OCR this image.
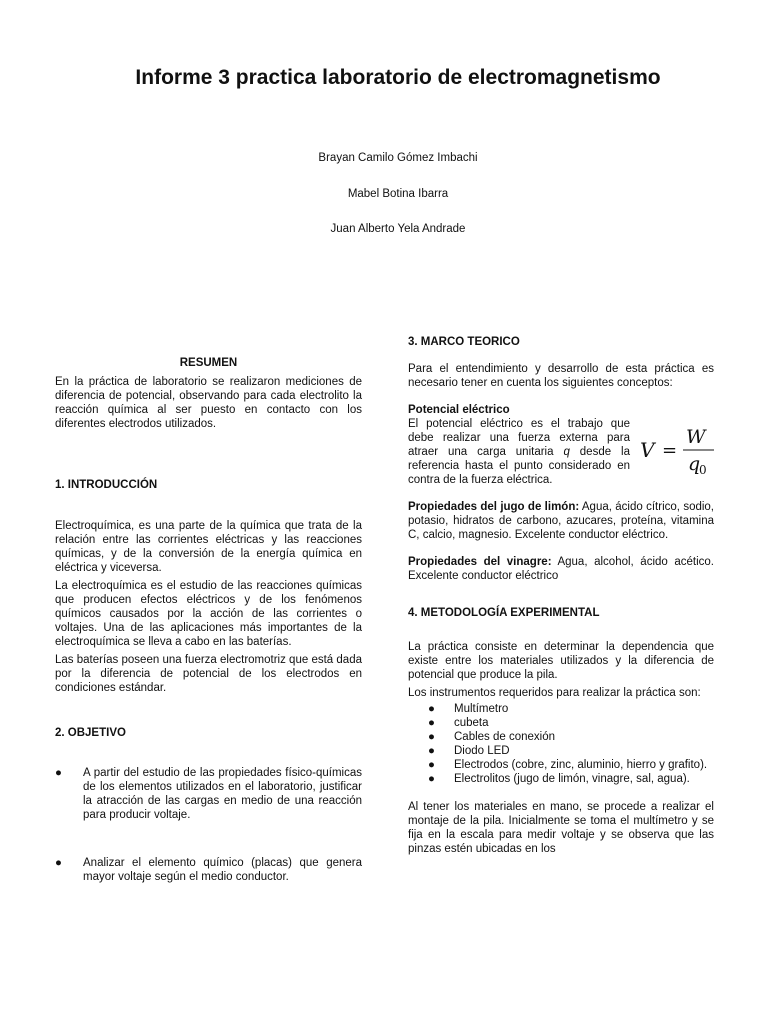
Informe 3 practica laboratorio de electromagnetismo
Brayan Camilo Gómez Imbachi
Mabel Botina Ibarra
Juan Alberto Yela Andrade

RESUMEN

En la práctica de laboratorio se realizaron mediciones de diferencia de potencial, observando para cada electrolito la reacción química al ser puesto en contacto con los diferentes electrodos utilizados.

1. INTRODUCCIÓN

Electroquímica, es una parte de la química que trata de la relación entre las corrientes eléctricas y las reacciones químicas, y de la conversión de la energía química en eléctrica y viceversa.

La electroquímica es el estudio de las reacciones químicas que producen efectos eléctricos y de los fenómenos químicos causados por la acción de las corrientes o voltajes. Una de las aplicaciones más importantes de la electroquímica se lleva a cabo en las baterías.

Las baterías poseen una fuerza electromotriz que está dada por la diferencia de potencial de los electrodos en condiciones estándar.

2. OBJETIVO

● A partir del estudio de las propiedades físico-químicas de los elementos utilizados en el laboratorio, justificar la atracción de las cargas en medio de una reacción para producir voltaje.
● Analizar el elemento químico (placas) que genera mayor voltaje según el medio conductor.

3. MARCO TEORICO

Para el entendimiento y desarrollo de esta práctica es necesario tener en cuenta los siguientes conceptos:

Potencial eléctrico

El potencial eléctrico es el trabajo que debe realizar una fuerza externa para atraer una carga unitaria q desde la referencia hasta el punto considerado en contra de la fuerza eléctrica.

Propiedades del jugo de limón: Agua, ácido cítrico, sodio, potasio, hidratos de carbono, azucares, proteína, vitamina C, calcio, magnesio. Excelente conductor eléctrico.

Propiedades del vinagre: Agua, alcohol, ácido acético. Excelente conductor eléctrico

4. METODOLOGÍA EXPERIMENTAL

La práctica consiste en determinar la dependencia que existe entre los materiales utilizados y la diferencia de potencial que produce la pila.

Los instrumentos requeridos para realizar la práctica son:

● Multímetro
● cubeta
● Cables de conexión
● Diodo LED
● Electrodos (cobre, zinc, aluminio, hierro y grafito).
● Electrolitos (jugo de limón, vinagre, sal, agua).

Al tener los materiales en mano, se procede a realizar el montaje de la pila. Inicialmente se toma el multímetro y se fija en la escala para medir voltaje y se observa que las pinzas estén ubicadas en los

V =
W
q
0
